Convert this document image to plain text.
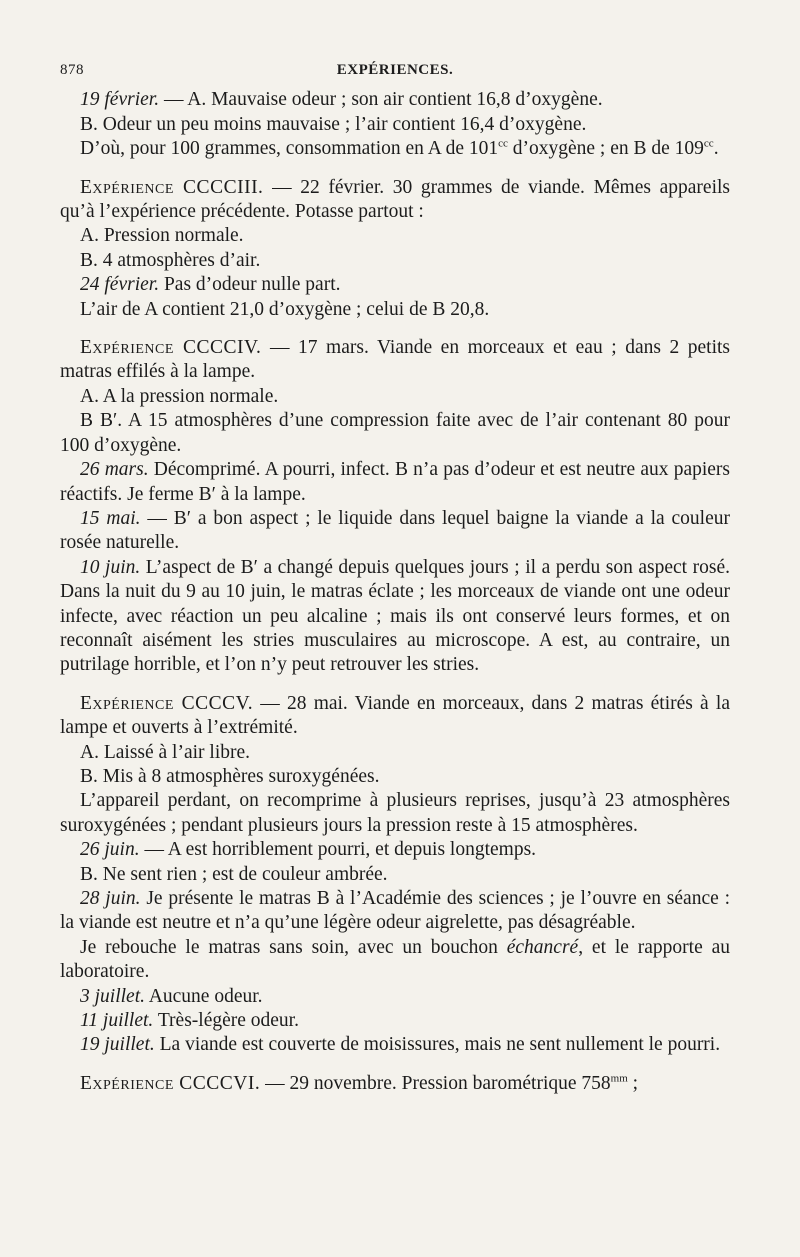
878	EXPÉRIENCES.

19 février. — A. Mauvaise odeur ; son air contient 16,8 d’oxygène.

B. Odeur un peu moins mauvaise ; l’air contient 16,4 d’oxygène.

D’où, pour 100 grammes, consommation en A de $101^{cc}$ d’oxygène ; en B de $109^{cc}$.

Expérience CCCCIII. — 22 février. 30 grammes de viande. Mêmes appareils qu’à l’expérience précédente. Potasse partout :

A. Pression normale.

B. 4 atmosphères d’air.

24 février. Pas d’odeur nulle part.

L’air de A contient 21,0 d’oxygène ; celui de B 20,8.

Expérience CCCCIV. — 17 mars. Viande en morceaux et eau ; dans 2 petits matras effilés à la lampe.

A. A la pression normale.

B B′. A 15 atmosphères d’une compression faite avec de l’air contenant 80 pour 100 d’oxygène.

26 mars. Décomprimé. A pourri, infect. B n’a pas d’odeur et est neutre aux papiers réactifs. Je ferme B′ à la lampe.

15 mai. — B′ a bon aspect ; le liquide dans lequel baigne la viande a la couleur rosée naturelle.

10 juin. L’aspect de B′ a changé depuis quelques jours ; il a perdu son aspect rosé. Dans la nuit du 9 au 10 juin, le matras éclate ; les morceaux de viande ont une odeur infecte, avec réaction un peu alcaline ; mais ils ont conservé leurs formes, et on reconnaît aisément les stries musculaires au microscope. A est, au contraire, un putrilage horrible, et l’on n’y peut retrouver les stries.

Expérience CCCCV. — 28 mai. Viande en morceaux, dans 2 matras étirés à la lampe et ouverts à l’extrémité.

A. Laissé à l’air libre.

B. Mis à 8 atmosphères suroxygénées.

L’appareil perdant, on recomprime à plusieurs reprises, jusqu’à 23 atmosphères suroxygénées ; pendant plusieurs jours la pression reste à 15 atmosphères.

26 juin. — A est horriblement pourri, et depuis longtemps.

B. Ne sent rien ; est de couleur ambrée.

28 juin. Je présente le matras B à l’Académie des sciences ; je l’ouvre en séance : la viande est neutre et n’a qu’une légère odeur aigrelette, pas désagréable.

Je rebouche le matras sans soin, avec un bouchon échancré, et le rapporte au laboratoire.

3 juillet. Aucune odeur.

11 juillet. Très-légère odeur.

19 juillet. La viande est couverte de moisissures, mais ne sent nullement le pourri.

Expérience CCCCVI. — 29 novembre. Pression barométrique $758^{mm}$ ;
